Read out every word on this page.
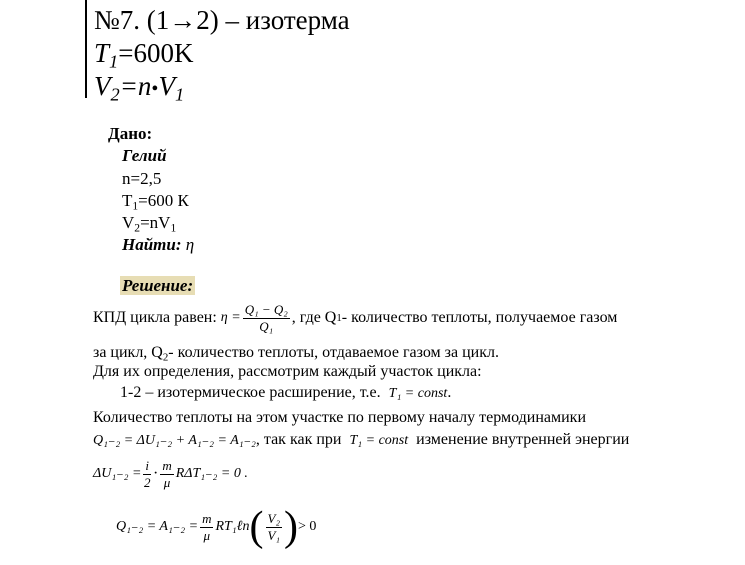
№7. (1→2) – изотерма
$T_1=600K$
$V_2=n•V_1$
Дано:
Гелий
n=2,5
$T_1=600$ К
$V_2=nV_1$
Найти: η
Решение:
КПД цикла равен:
$\eta = \frac{\text{Q₁ − Q₂}}{\text{Q₁}}$ , где Q 1 - количество теплоты, получаемое газом
за цикл, $Q_2-$ количество теплоты, отдаваемое газом за цикл.
Для их определения, рассмотрим каждый участок цикла:
1-2 – изотермическое расширение, т.е. T₁ = const.
Количество теплоты на этом участке по первому началу термодинамики
Q₁₋₂ = ΔU₁₋₂ + A₁₋₂ = A₁₋₂, так как при T₁ = const изменение внутренней энергии
$\Delta U_{1-2} = \frac{i}{2} \cdot \frac{m}{\mu} R\Delta T_{1-2} = 0$ .
$Q_{1-2} = A_{1-2} = \frac{m}{\mu}$ RT₁ℓn ( $\frac{\text{V₂}}{\text{V₁}}$ ) > 0
